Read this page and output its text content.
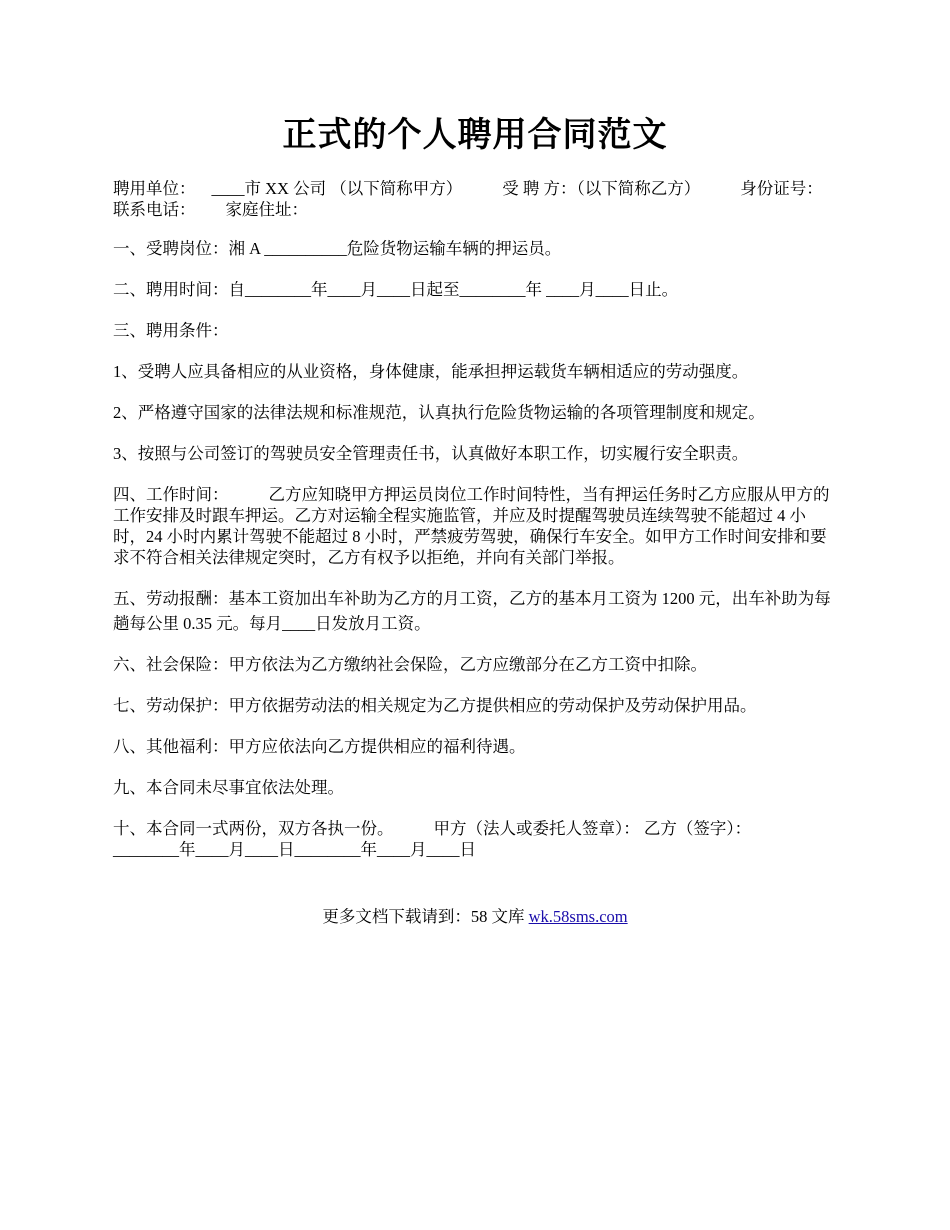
正式的个人聘用合同范文

聘用单位： ____市 XX 公司 （以下简称甲方） 受 聘 方：（以下简称乙方） 身份证号： 联系电话： 家庭住址：

一、受聘岗位：湘 A __________危险货物运输车辆的押运员。

二、聘用时间：自________年____月____日起至________年 ____月____日止。

三、聘用条件：

1、受聘人应具备相应的从业资格，身体健康，能承担押运载货车辆相适应的劳动强度。

2、严格遵守国家的法律法规和标准规范，认真执行危险货物运输的各项管理制度和规定。

3、按照与公司签订的驾驶员安全管理责任书，认真做好本职工作，切实履行安全职责。

四、工作时间： 乙方应知晓甲方押运员岗位工作时间特性，当有押运任务时乙方应服从甲方的工作安排及时跟车押运。乙方对运输全程实施监管，并应及时提醒驾驶员连续驾驶不能超过 4 小时，24 小时内累计驾驶不能超过 8 小时，严禁疲劳驾驶，确保行车安全。如甲方工作时间安排和要求不符合相关法律规定突时，乙方有权予以拒绝，并向有关部门举报。

五、劳动报酬：基本工资加出车补助为乙方的月工资，乙方的基本月工资为 1200 元，出车补助为每趟每公里 0.35 元。每月____日发放月工资。

六、社会保险：甲方依法为乙方缴纳社会保险，乙方应缴部分在乙方工资中扣除。

七、劳动保护：甲方依据劳动法的相关规定为乙方提供相应的劳动保护及劳动保护用品。

八、其他福利：甲方应依法向乙方提供相应的福利待遇。

九、本合同未尽事宜依法处理。

十、本合同一式两份，双方各执一份。 甲方（法人或委托人签章）： 乙方（签字）：
________年____月____日________年____月____日

更多文档下载请到：58 文库 wk.58sms.com
